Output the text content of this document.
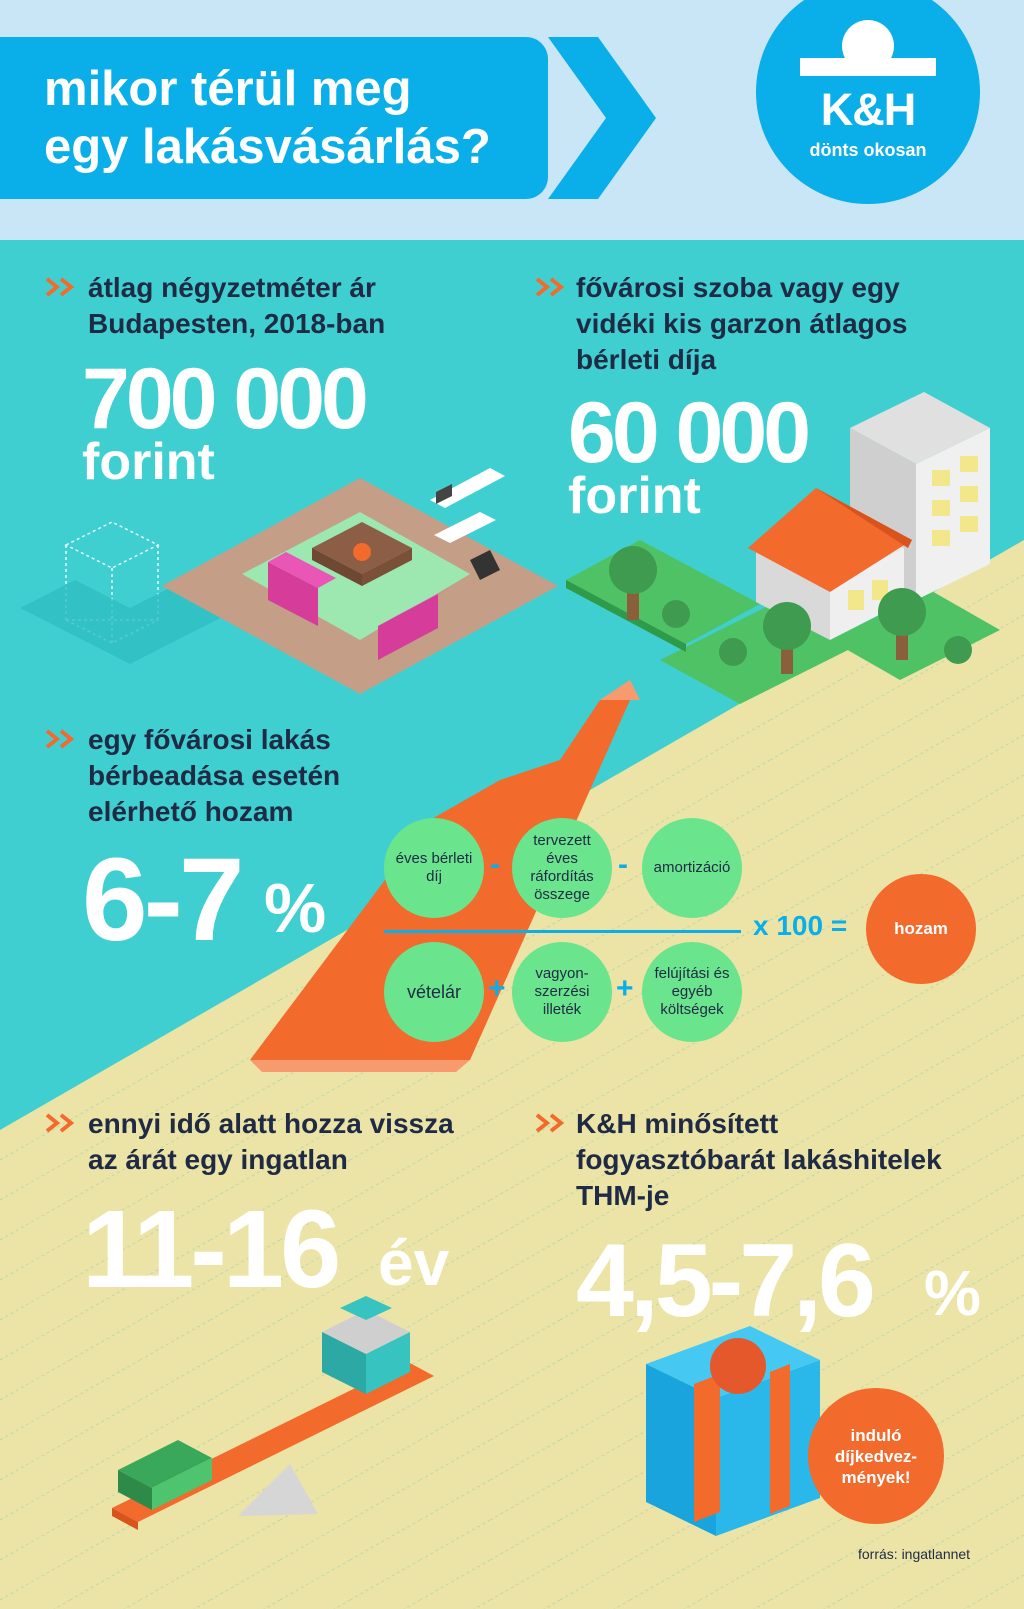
mikor térül meg
egy lakásvásárlás?
K&H
dönts okosan
átlag négyzetméter ár
Budapesten, 2018-ban
700 000
forint
fővárosi szoba vagy egy
vidéki kis garzon átlagos
bérleti díja
60 000
forint
egy fővárosi lakás
bérbeadása esetén
elérhető hozam
6-7 %
éves bérleti díj	-
tervezett éves ráfordítás összege
-	amortizáció
x 100 =	hozam
vételár +	vagyon-szerzési illeték
+	felújítási és egyéb költségek
ennyi idő alatt hozza vissza
az árát egy ingatlan
11-16 év
K&H minősített
fogyasztóbarát lakáshitelek
THM-je
4,5-7,6 %
induló díjkedvez-mények!
forrás: ingatlannet
